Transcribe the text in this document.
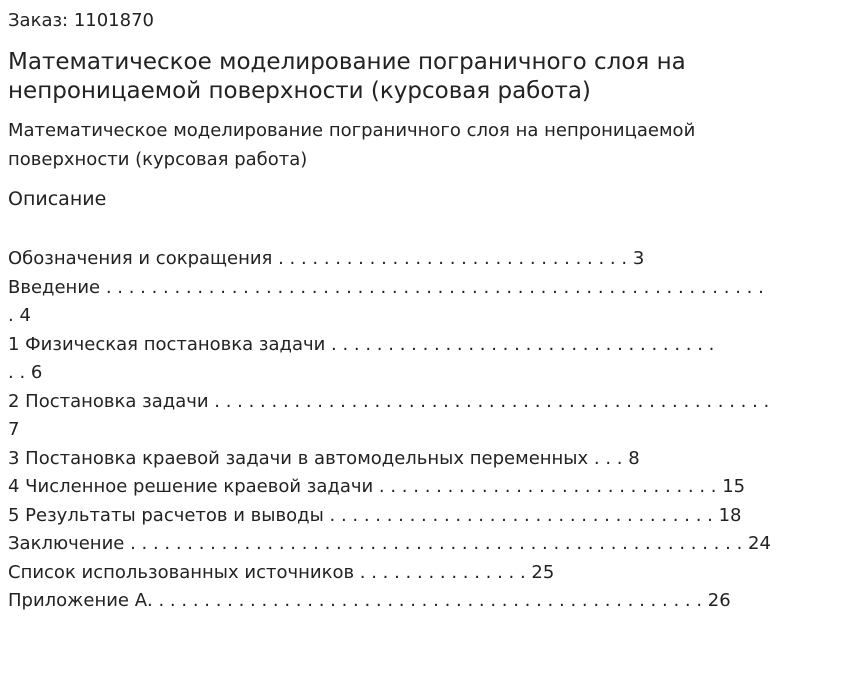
Заказ: 1101870
Математическое моделирование пограничного слоя на
непроницаемой поверхности (курсовая работа)
Математическое моделирование пограничного слоя на непроницаемой
поверхности (курсовая работа)
Описание
Обозначения и сокращения . . . . . . . . . . . . . . . . . . . . . . . . . . . . . . . 3
Введение . . . . . . . . . . . . . . . . . . . . . . . . . . . . . . . . . . . . . . . . . . . . . . . . . . . . . . . . . .
. 4
1 Физическая постановка задачи . . . . . . . . . . . . . . . . . . . . . . . . . . . . . . . . . .
. . 6
2 Постановка задачи . . . . . . . . . . . . . . . . . . . . . . . . . . . . . . . . . . . . . . . . . . . . . . . . .
7
3 Постановка краевой задачи в автомодельных переменных . . . 8
4 Численное решение краевой задачи . . . . . . . . . . . . . . . . . . . . . . . . . . . . . . 15
5 Результаты расчетов и выводы . . . . . . . . . . . . . . . . . . . . . . . . . . . . . . . . . . 18
Заключение . . . . . . . . . . . . . . . . . . . . . . . . . . . . . . . . . . . . . . . . . . . . . . . . . . . . . . 24
Список использованных источников . . . . . . . . . . . . . . . 25
Приложение А. . . . . . . . . . . . . . . . . . . . . . . . . . . . . . . . . . . . . . . . . . . . . . . . . 26
